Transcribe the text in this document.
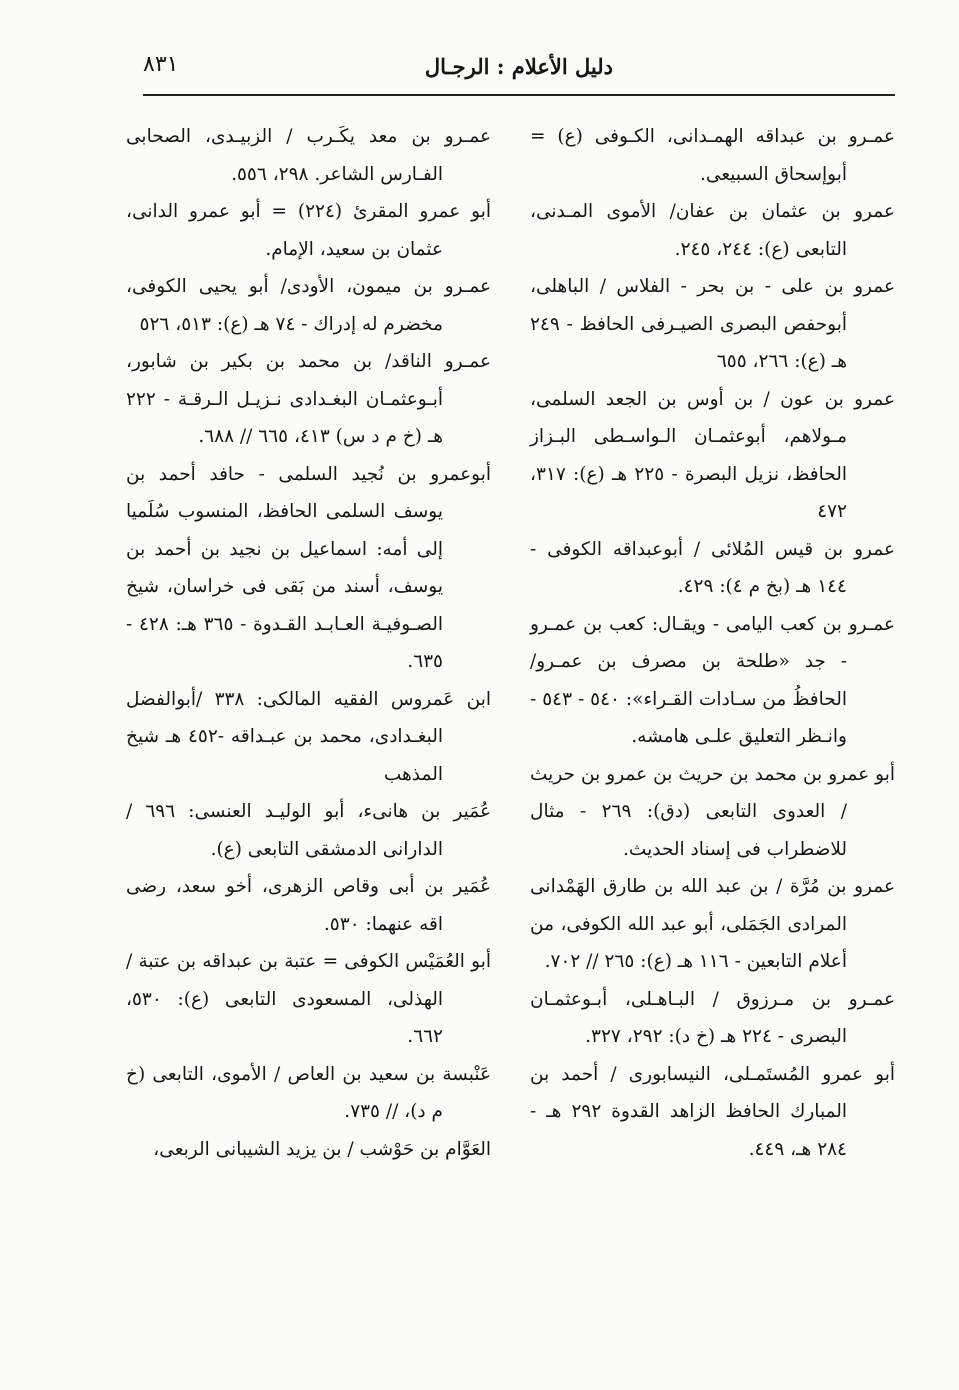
٨٣١	دليل الأعلام : الرجـال

عمـرو بن عبداقه الهمـدانى، الكـوفى (ع) = أبوإسحاق السبيعى.

عمرو بن عثمان بن عفان/ الأموى المـدنى، التابعى (ع): ٢٤٤، ٢٤٥.

عمرو بن على - بن بحر - الفلاس / الباهلى، أبوحفص البصرى الصيـرفى الحافظ - ٢٤٩ هـ (ع): ٢٦٦، ٦٥٥

عمرو بن عون / بن أوس بن الجعد السلمى، مـولاهم، أبوعثمـان الـواسـطى البـزاز الحافظ، نزيل البصرة - ٢٢٥ هـ (ع): ٣١٧، ٤٧٢

عمرو بن قيس المُلائى / أبوعبداقه الكوفى - ١٤٤ هـ (بخ م ٤): ٤٢٩.

عمـرو بن كعب اليامى - ويقـال: كعب بن عمـرو - جد «طلحة بن مصرف بن عمـرو/ الحافظُ من سـادات القـراء»: ٥٤٠ - ٥٤٣ - وانـظر التعليق علـى هامشه.

أبو عمرو بن محمد بن حريث بن عمرو بن حريث / العدوى التابعى (دق): ٢٦٩ - مثال للاضطراب فى إسناد الحديث.

عمرو بن مُرَّة / بن عبد الله بن طارق الهَمْدانى المرادى الجَمَلى، أبو عبد الله الكوفى، من أعلام التابعين - ١١٦ هـ (ع): ٢٦٥ // ٧٠٢.

عمـرو بن مـرزوق / البـاهـلى، أبـوعثمـان البصرى - ٢٢٤ هـ (خ د): ٢٩٢، ٣٢٧.

أبو عمرو المُستَمـلى، النيسابورى / أحمد بن المبارك الحافظ الزاهد القدوة ٢٩٢ هـ - ٢٨٤ هـ، ٤٤٩.

عمـرو بن معد يكَـرب / الزبيـدى، الصحابى الفـارس الشاعر. ٢٩٨، ٥٥٦.

أبو عمرو المقرئ (٢٢٤) = أبو عمرو الدانى، عثمان بن سعيد، الإمام.

عمـرو بن ميمون، الأودى/ أبو يحيى الكوفى، مخضرم له إدراك - ٧٤ هـ (ع): ٥١٣، ٥٢٦

عمـرو الناقد/ بن محمد بن بكير بن شابور، أبـوعثمـان البغـدادى نـزيـل الـرقـة - ٢٢٢ هـ (خ م د س) ٤١٣، ٦٦٥ // ٦٨٨.

أبوعمرو بن نُجيد السلمى - حافد أحمد بن يوسف السلمى الحافظ، المنسوب سُلَميا إلى أمه: اسماعيل بن نجيد بن أحمد بن يوسف، أسند من بَقى فى خراسان، شيخ الصـوفيـة العـابـد القـدوة - ٣٦٥ هـ: ٤٢٨ - ٦٣٥.

ابن عَمروس الفقيه المالكى: ٣٣٨ /أبوالفضل البغـدادى، محمد بن عبـداقه -٤٥٢ هـ شيخ المذهب

عُمَير بن هانىء، أبو الوليـد العنسى: ٦٩٦ / الدارانى الدمشقى التابعى (ع).

عُمَير بن أبى وقاص الزهرى، أخو سعد، رضى اقه عنهما: ٥٣٠.

أبو العُمَيْس الكوفى = عتبة بن عبداقه بن عتبة /الهذلى، المسعودى التابعى (ع): ٥٣٠، ٦٦٢.

عَنْبسة بن سعيد بن العاص / الأموى، التابعى (خ م د)، // ٧٣٥.

العَوَّام بن حَوْشب / بن يزيد الشيبانى الربعى،
